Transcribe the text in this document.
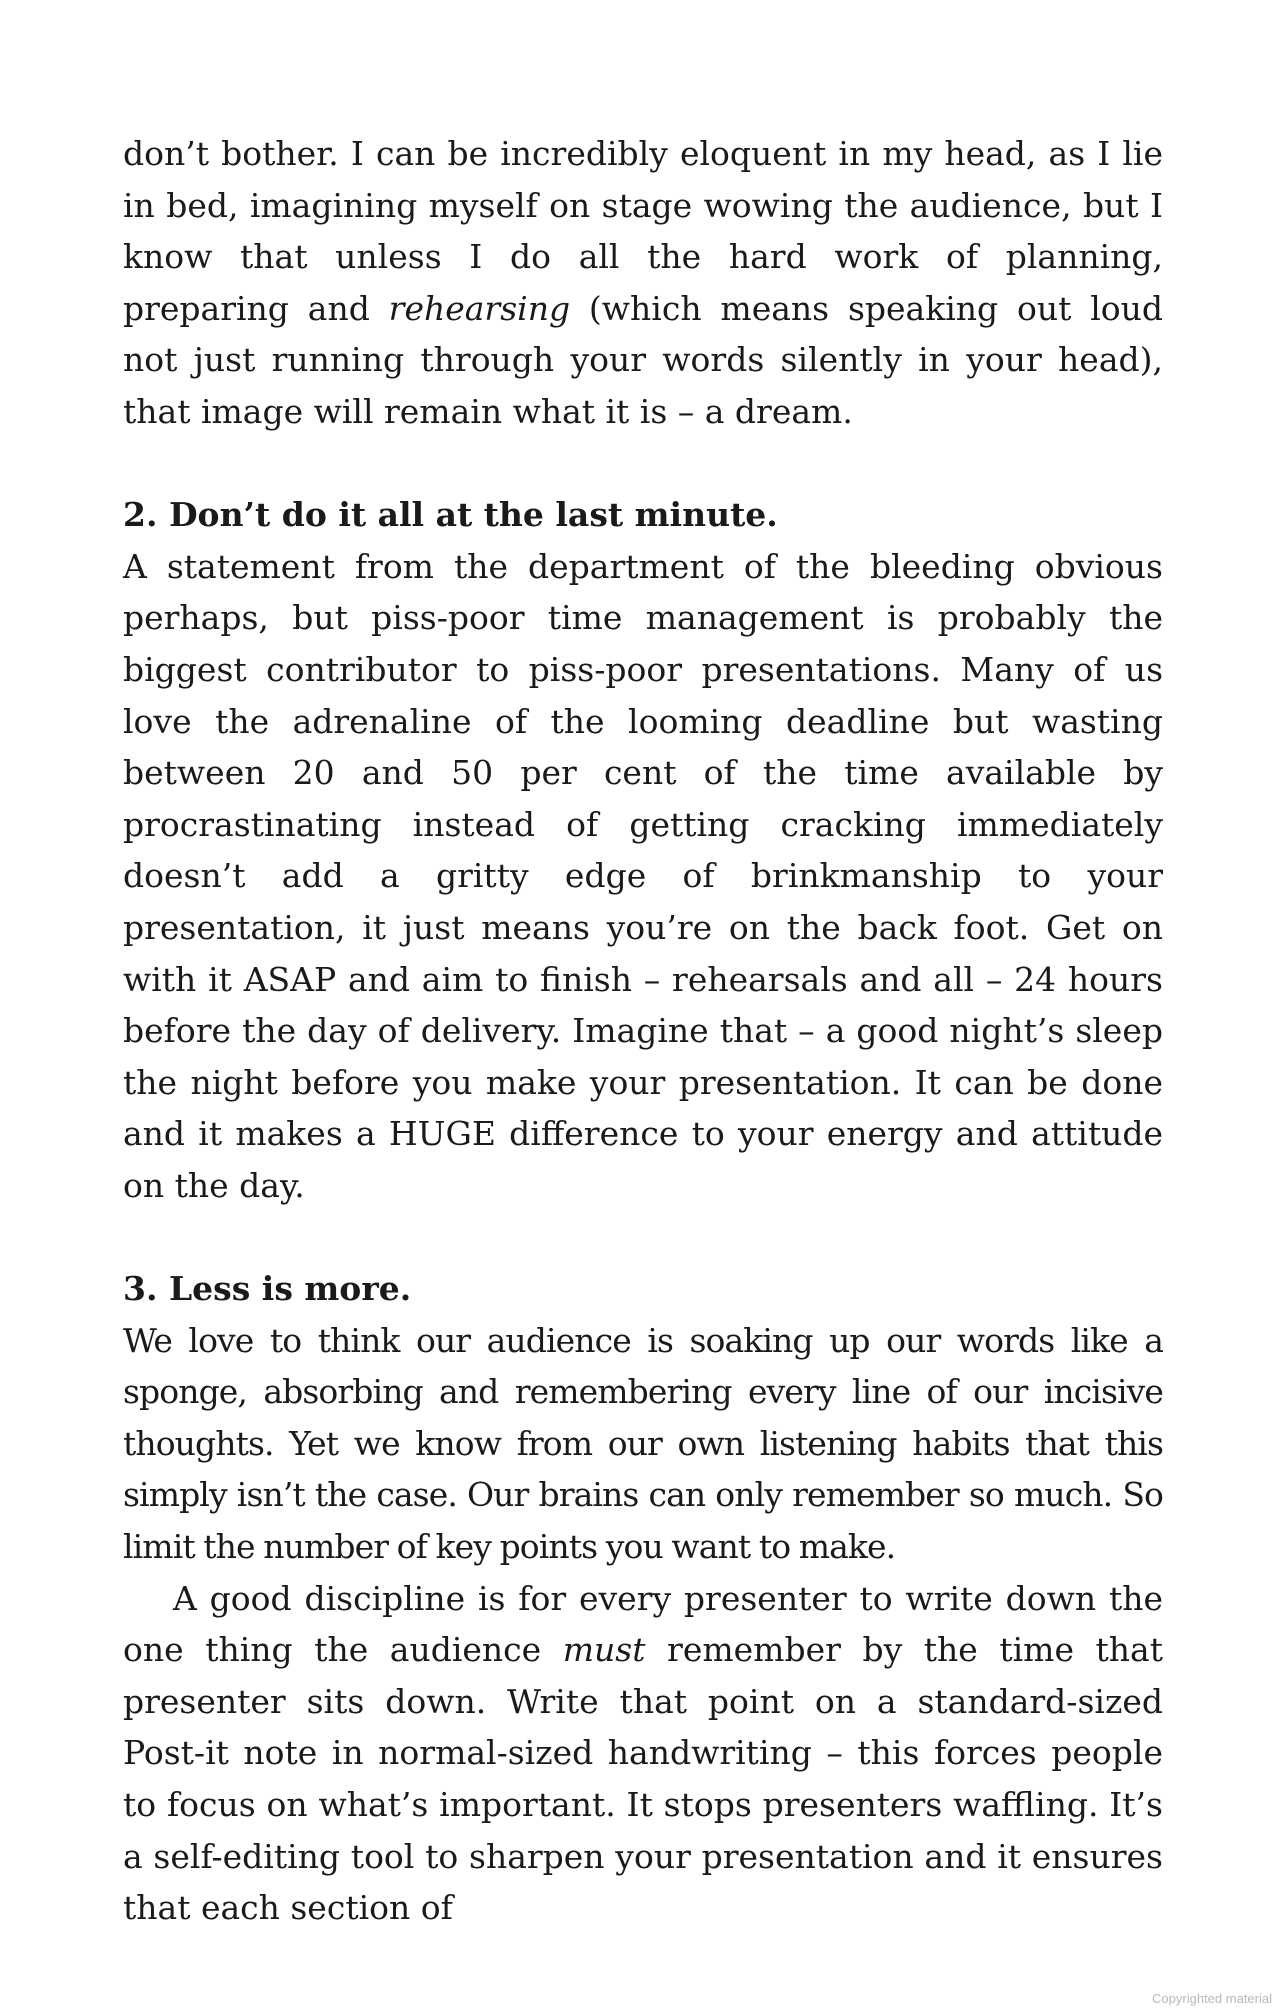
don’t bother. I can be incredibly eloquent in my head, as I lie in bed, imagining myself on stage wowing the audience, but I know that unless I do all the hard work of planning, preparing and rehearsing (which means speaking out loud not just running through your words silently in your head), that image will remain what it is – a dream.

2. Don’t do it all at the last minute.

A statement from the department of the bleeding obvious perhaps, but piss-poor time management is probably the biggest contributor to piss-poor presentations. Many of us love the adrenaline of the looming deadline but wasting between 20 and 50 per cent of the time available by procrastinating instead of getting cracking immediately doesn’t add a gritty edge of brinkmanship to your presentation, it just means you’re on the back foot. Get on with it ASAP and aim to finish – rehearsals and all – 24 hours before the day of delivery. Imagine that – a good night’s sleep the night before you make your presentation. It can be done and it makes a HUGE difference to your energy and attitude on the day.

3. Less is more.

We love to think our audience is soaking up our words like a sponge, absorbing and remembering every line of our incisive thoughts. Yet we know from our own listening habits that this simply isn’t the case. Our brains can only remember so much. So limit the number of key points you want to make.

A good discipline is for every presenter to write down the one thing the audience must remember by the time that presenter sits down. Write that point on a standard-sized Post-it note in normal-sized handwriting – this forces people to focus on what’s important. It stops presenters waffling. It’s a self-editing tool to sharpen your presentation and it ensures that each section of

Copyrighted material
